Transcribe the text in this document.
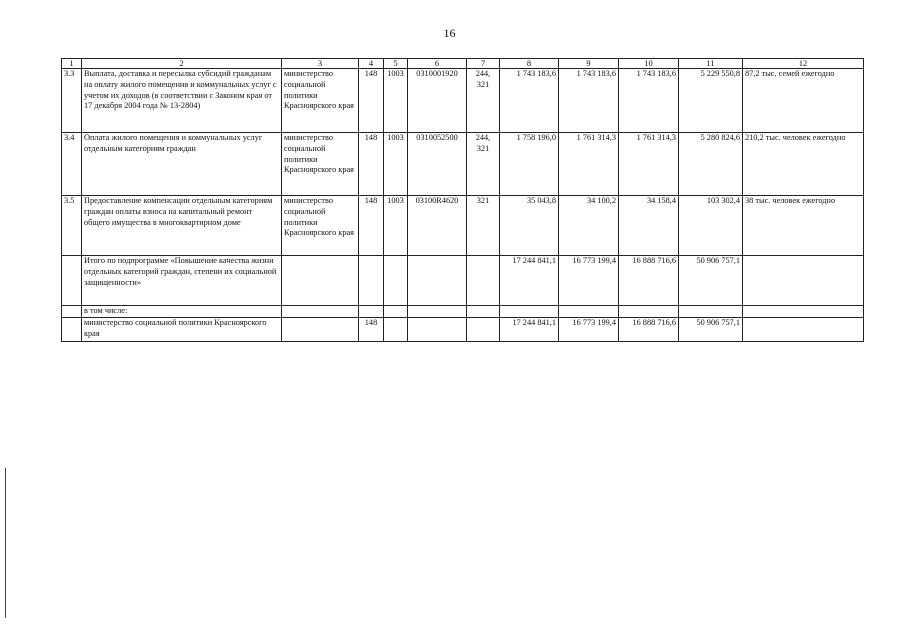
16
1	2	3	4	5	6	7	8	9	10	11	12
3.3	Выплата, доставка и пересылка субсидий гражданам на оплату жилого помещения и коммунальных услуг с учетом их доходов (в соответствии с Законом края от 17 декабря 2004 года № 13-2804)	министерство социальной политики Красноярского края	148	1003	0310001920	244, 321	1 743 183,6	1 743 183,6	1 743 183,6	5 229 550,8	87,2 тыс. семей ежегодно
3.4	Оплата жилого помещения и коммунальных услуг отдельным категориям граждан	министерство социальной политики Красноярского края	148	1003	0310052500	244, 321	1 758 196,0	1 761 314,3	1 761 314,3	5 280 824,6	210,2 тыс. человек ежегодно
3.5	Предоставление компенсации отдельным категориям граждан оплаты взноса на капитальный ремонт общего имущества в многоквартирном доме	министерство социальной политики Красноярского края	148	1003	03100R4620	321	35 043,8	34 100,2	34 158,4	103 302,4	38 тыс. человек ежегодно
	Итого по подпрограмме «Повышение качества жизни отдельных категорий граждан, степени их социальной защищенности»						17 244 841,1	16 773 199,4	16 888 716,6	50 906 757,1	
	в том числе:										
	министерство социальной политики Красноярского края		148				17 244 841,1	16 773 199,4	16 888 716,6	50 906 757,1	
